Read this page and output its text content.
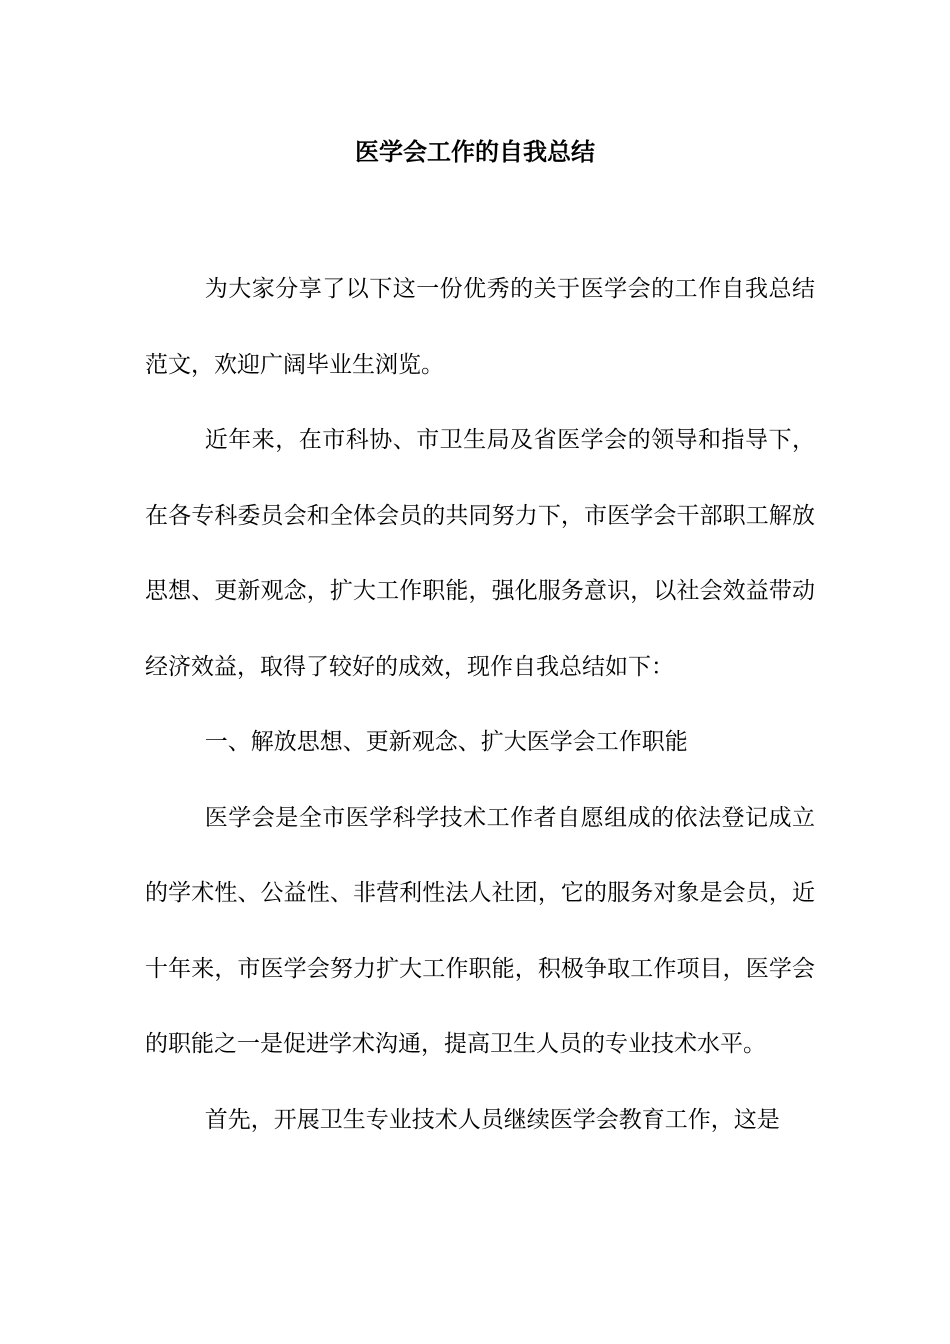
医学会工作的自我总结

为大家分享了以下这一份优秀的关于医学会的工作自我总结范文，欢迎广阔毕业生浏览。

近年来，在市科协、市卫生局及省医学会的领导和指导下，在各专科委员会和全体会员的共同努力下，市医学会干部职工解放思想、更新观念，扩大工作职能，强化服务意识，以社会效益带动经济效益，取得了较好的成效，现作自我总结如下：

一、解放思想、更新观念、扩大医学会工作职能

医学会是全市医学科学技术工作者自愿组成的依法登记成立的学术性、公益性、非营利性法人社团，它的服务对象是会员，近十年来，市医学会努力扩大工作职能，积极争取工作项目，医学会的职能之一是促进学术沟通，提高卫生人员的专业技术水平。

首先，开展卫生专业技术人员继续医学会教育工作，这是
